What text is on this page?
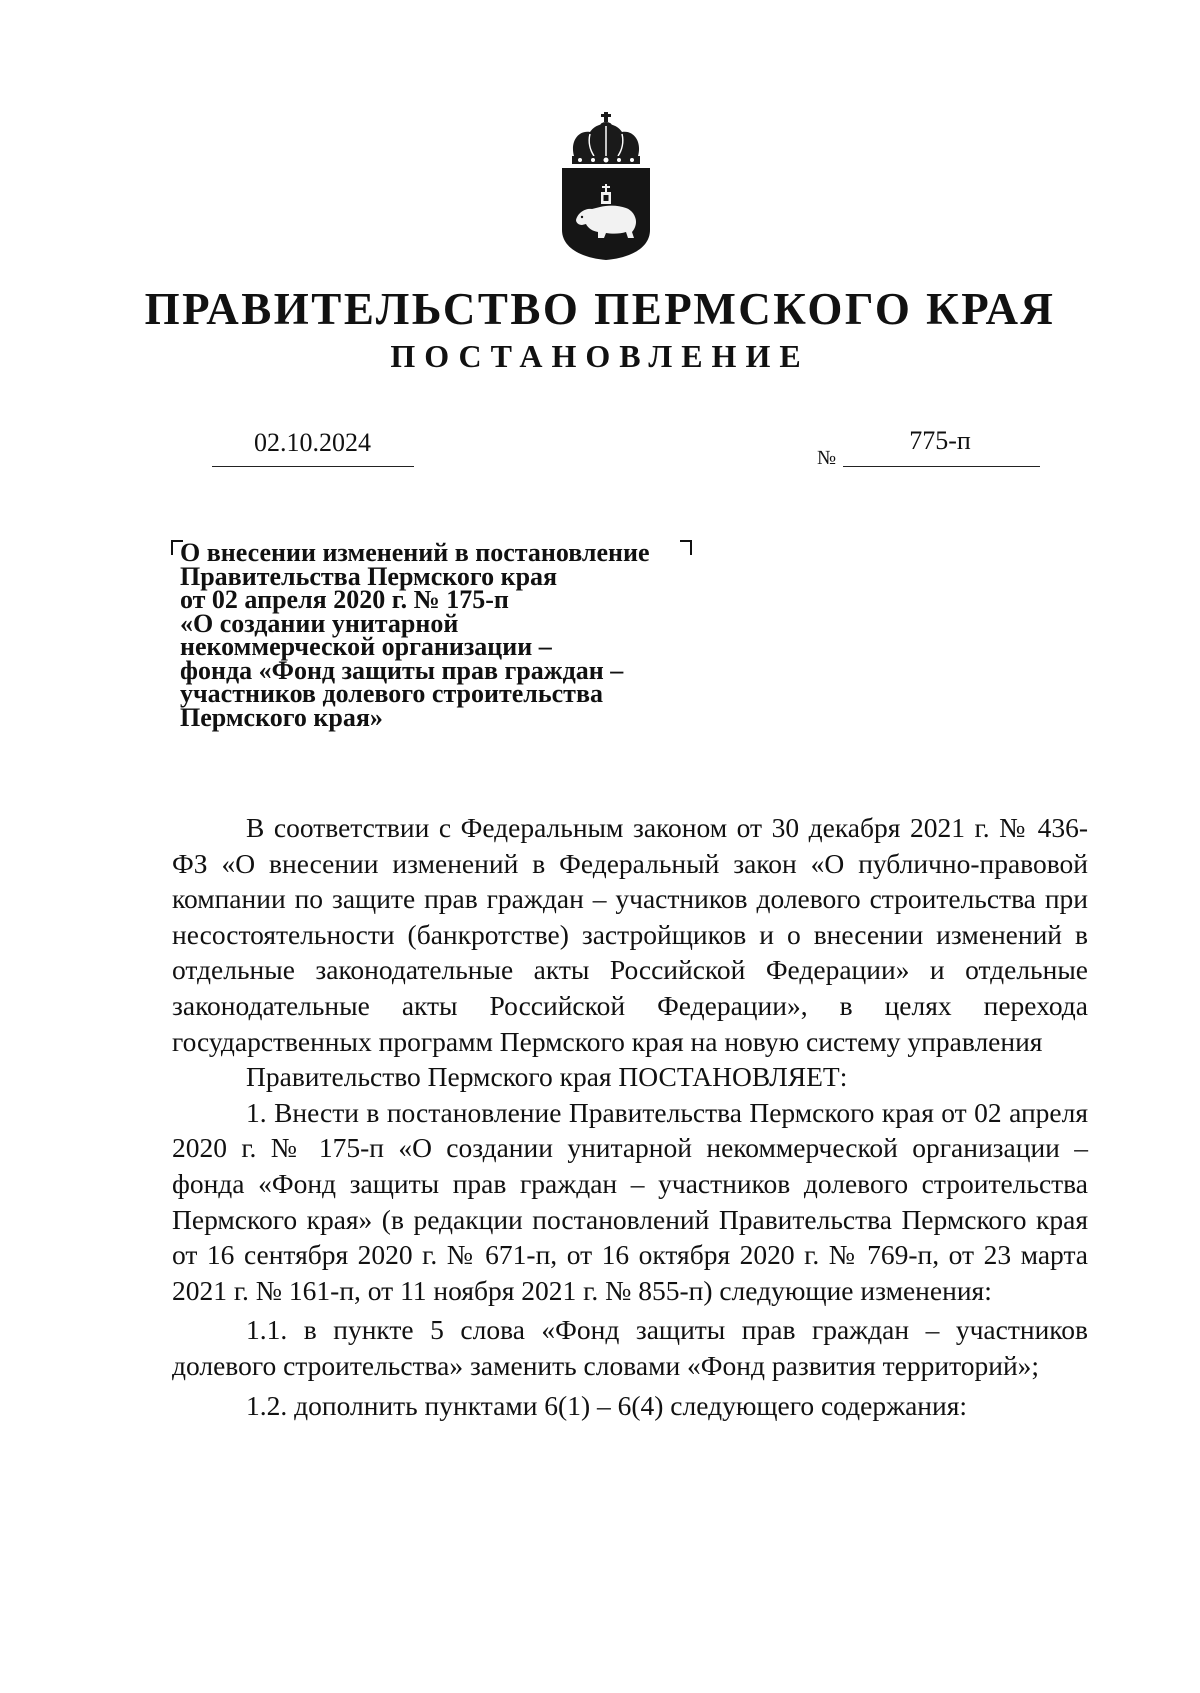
ПРАВИТЕЛЬСТВО ПЕРМСКОГО КРАЯ
ПОСТАНОВЛЕНИЕ
02.10.2024
№
775-п
О внесении изменений в постановление
Правительства Пермского края
от 02 апреля 2020 г. № 175-п
«О создании унитарной
некоммерческой организации –
фонда «Фонд защиты прав граждан –
участников долевого строительства
Пермского края»

В соответствии с Федеральным законом от 30 декабря 2021 г. № 436-ФЗ «О внесении изменений в Федеральный закон «О публично-правовой компании по защите прав граждан – участников долевого строительства при несостоятельности (банкротстве) застройщиков и о внесении изменений в отдельные законодательные акты Российской Федерации» и отдельные законодательные акты Российской Федерации», в целях перехода государственных программ Пермского края на новую систему управления

Правительство Пермского края ПОСТАНОВЛЯЕТ:

1. Внести в постановление Правительства Пермского края от 02 апреля 2020 г. № 175-п «О создании унитарной некоммерческой организации – фонда «Фонд защиты прав граждан – участников долевого строительства Пермского края» (в редакции постановлений Правительства Пермского края от 16 сентября 2020 г. № 671-п, от 16 октября 2020 г. № 769-п, от 23 марта 2021 г. № 161-п, от 11 ноября 2021 г. № 855-п) следующие изменения:

1.1. в пункте 5 слова «Фонд защиты прав граждан – участников долевого строительства» заменить словами «Фонд развития территорий»;

1.2. дополнить пунктами 6(1) – 6(4) следующего содержания:
